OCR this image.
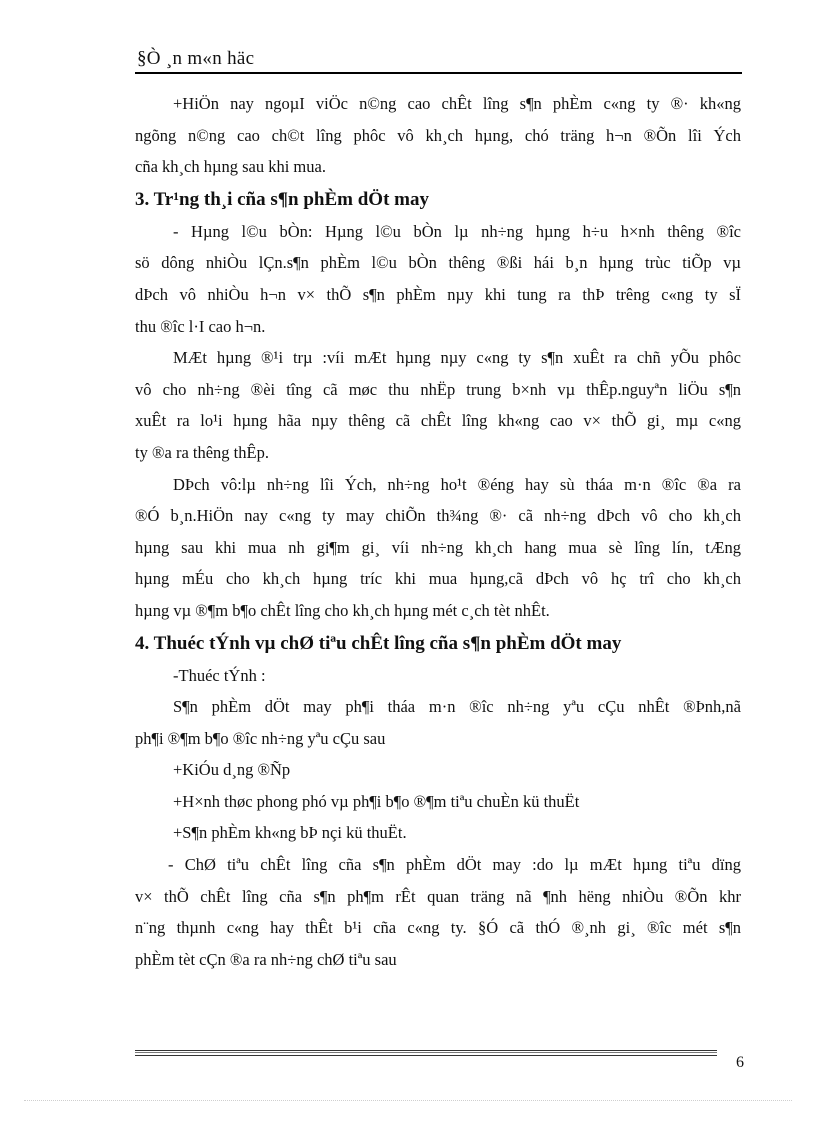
§Ò ¸n m«n häc
+HiÖn nay ngoµI viÖc n©ng cao chÊt lîng s¶n phÈm c«ng ty ®· kh«ng
ngõng n©ng cao ch©t lîng phôc vô kh¸ch hµng, chó träng h¬n ®Õn lîi Ých
cña kh¸ch hµng sau khi mua.
3. Tr¹ng th¸i cña s¶n phÈm dÖt may
- Hµng l©u bÒn: Hµng l©u bÒn lµ nh÷ng hµng h÷u h×nh thêng ®îc
sö dông nhiÒu lÇn.s¶n phÈm l©u bÒn thêng ®ßi hái b¸n hµng trùc tiÕp vµ
dÞch vô nhiÒu h¬n v× thÕ s¶n phÈm nµy khi tung ra thÞ trêng c«ng ty sÏ
thu ®îc l·I cao h¬n.
MÆt hµng ®¹i trµ :víi mÆt hµng nµy c«ng ty s¶n xuÊt ra chñ yÕu phôc
vô cho nh÷ng ®èi tîng cã møc thu nhËp trung b×nh vµ thÊp.nguyªn liÖu s¶n
xuÊt ra lo¹i hµng hãa nµy thêng cã chÊt lîng kh«ng cao v× thÕ gi¸ mµ c«ng
ty ®a ra thêng thÊp.
DÞch vô:lµ nh÷ng lîi Ých, nh÷ng ho¹t ®éng hay sù tháa m·n ®îc ®a ra
®Ó b¸n.HiÖn nay c«ng ty may chiÕn th¾ng ®· cã nh÷ng dÞch vô cho kh¸ch
hµng sau khi mua nh gi¶m gi¸ víi nh÷ng kh¸ch hang mua sè lîng lín, tÆng
hµng mÉu cho kh¸ch hµng tríc khi mua hµng,cã dÞch vô hç trî cho kh¸ch
hµng vµ ®¶m b¶o chÊt lîng cho kh¸ch hµng mét c¸ch tèt nhÊt.
4. Thuéc tÝnh vµ chØ tiªu chÊt lîng cña s¶n phÈm dÖt may
-Thuéc tÝnh :
S¶n phÈm dÖt may ph¶i tháa m·n ®îc nh÷ng yªu cÇu nhÊt ®Þnh,nã
ph¶i ®¶m b¶o ®îc nh÷ng yªu cÇu sau
+KiÓu d¸ng ®Ñp
+H×nh thøc phong phó vµ ph¶i b¶o ®¶m tiªu chuÈn kü thuËt
+S¶n phÈm kh«ng bÞ nçi kü thuËt.
- ChØ tiªu chÊt lîng cña s¶n phÈm dÖt may :do lµ mÆt hµng tiªu dïng
v× thÕ chÊt lîng cña s¶n ph¶m rÊt quan träng nã ¶nh hëng nhiÒu ®Õn khr
n¨ng thµnh c«ng hay thÊt b¹i cña c«ng ty. §Ó cã thÓ ®¸nh gi¸ ®îc mét s¶n
phÈm tèt cÇn ®a ra nh÷ng chØ tiªu sau
6
